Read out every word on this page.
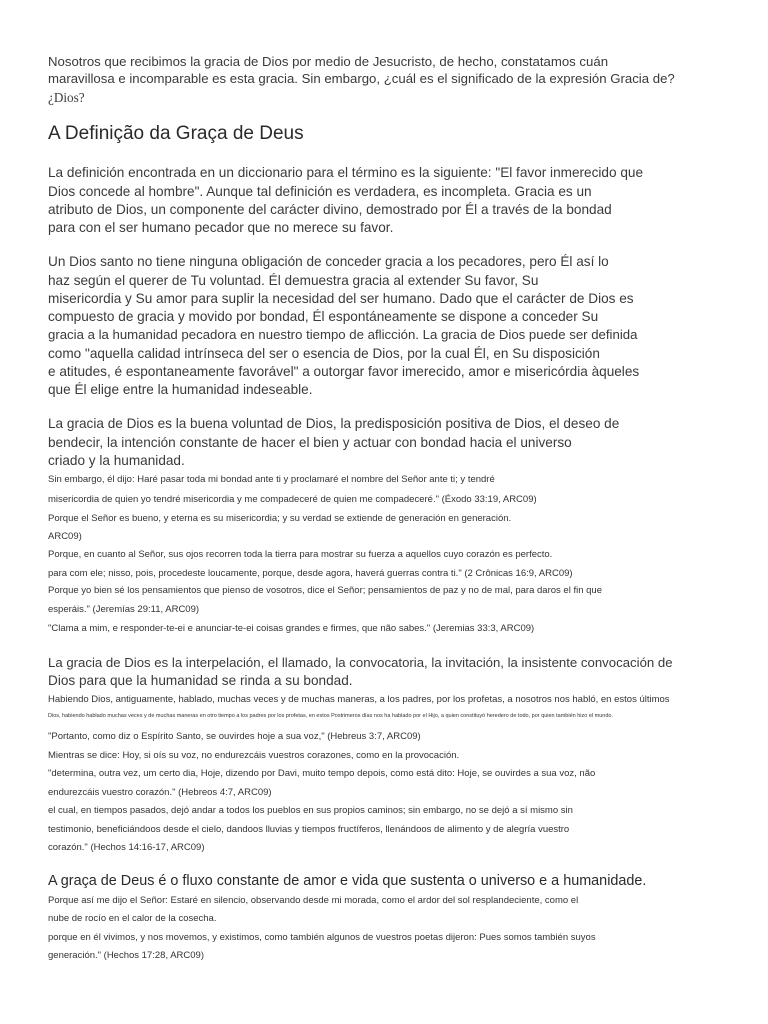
Nosotros que recibimos la gracia de Dios por medio de Jesucristo, de hecho, constatamos cuán
maravillosa e incomparable es esta gracia. Sin embargo, ¿cuál es el significado de la expresión Gracia de?
¿Dios?
A Definição da Graça de Deus
La definición encontrada en un diccionario para el término es la siguiente: "El favor inmerecido que
Dios concede al hombre". Aunque tal definición es verdadera, es incompleta. Gracia es un
atributo de Dios, un componente del carácter divino, demostrado por Él a través de la bondad
para con el ser humano pecador que no merece su favor.
Un Dios santo no tiene ninguna obligación de conceder gracia a los pecadores, pero Él así lo
haz según el querer de Tu voluntad. Él demuestra gracia al extender Su favor, Su
misericordia y Su amor para suplir la necesidad del ser humano. Dado que el carácter de Dios es
compuesto de gracia y movido por bondad, Él espontáneamente se dispone a conceder Su
gracia a la humanidad pecadora en nuestro tiempo de aflicción. La gracia de Dios puede ser definida
como "aquella calidad intrínseca del ser o esencia de Dios, por la cual Él, en Su disposición
e atitudes, é espontaneamente favorável" a outorgar favor imerecido, amor e misericórdia àqueles
que Él elige entre la humanidad indeseable.
La gracia de Dios es la buena voluntad de Dios, la predisposición positiva de Dios, el deseo de
bendecir, la intención constante de hacer el bien y actuar con bondad hacia el universo
criado y la humanidad.
Sin embargo, él dijo: Haré pasar toda mi bondad ante ti y proclamaré el nombre del Señor ante ti; y tendré
misericordia de quien yo tendré misericordia y me compadeceré de quien me compadeceré." (Éxodo 33:19, ARC09)
Porque el Señor es bueno, y eterna es su misericordia; y su verdad se extiende de generación en generación.
ARC09)
Porque, en cuanto al Señor, sus ojos recorren toda la tierra para mostrar su fuerza a aquellos cuyo corazón es perfecto.
para com ele; nisso, pois, procedeste loucamente, porque, desde agora, haverá guerras contra ti." (2 Crônicas 16:9, ARC09)
Porque yo bien sé los pensamientos que pienso de vosotros, dice el Señor; pensamientos de paz y no de mal, para daros el fin que
esperáis." (Jeremías 29:11, ARC09)
"Clama a mim, e responder-te-ei e anunciar-te-ei coisas grandes e firmes, que não sabes." (Jeremias 33:3, ARC09)
La gracia de Dios es la interpelación, el llamado, la convocatoria, la invitación, la insistente convocación de
Dios para que la humanidad se rinda a su bondad.
Habiendo Dios, antiguamente, hablado, muchas veces y de muchas maneras, a los padres, por los profetas, a nosotros nos habló, en estos últimos
Dios, habiendo hablado muchas veces y de muchas maneras en otro tiempo a los padres por los profetas, en estos Postrimeros días nos ha hablado por el Hijo, a quien constituyó heredero de todo, por quien también hizo el mundo.
"Portanto, como diz o Espírito Santo, se ouvirdes hoje a sua voz," (Hebreus 3:7, ARC09)
Mientras se dice: Hoy, si oís su voz, no endurezcáis vuestros corazones, como en la provocación.
"determina, outra vez, um certo dia, Hoje, dizendo por Davi, muito tempo depois, como está dito: Hoje, se ouvirdes a sua voz, não
endurezcáis vuestro corazón." (Hebreos 4:7, ARC09)
el cual, en tiempos pasados, dejó andar a todos los pueblos en sus propios caminos; sin embargo, no se dejó a sí mismo sin
testimonio, beneficiándoos desde el cielo, dandoos lluvias y tiempos fructíferos, llenándoos de alimento y de alegría vuestro
corazón." (Hechos 14:16-17, ARC09)
A graça de Deus é o fluxo constante de amor e vida que sustenta o universo e a humanidade.
Porque así me dijo el Señor: Estaré en silencio, observando desde mi morada, como el ardor del sol resplandeciente, como el
nube de rocío en el calor de la cosecha.
porque en él vivimos, y nos movemos, y existimos, como también algunos de vuestros poetas dijeron: Pues somos también suyos
generación." (Hechos 17:28, ARC09)
